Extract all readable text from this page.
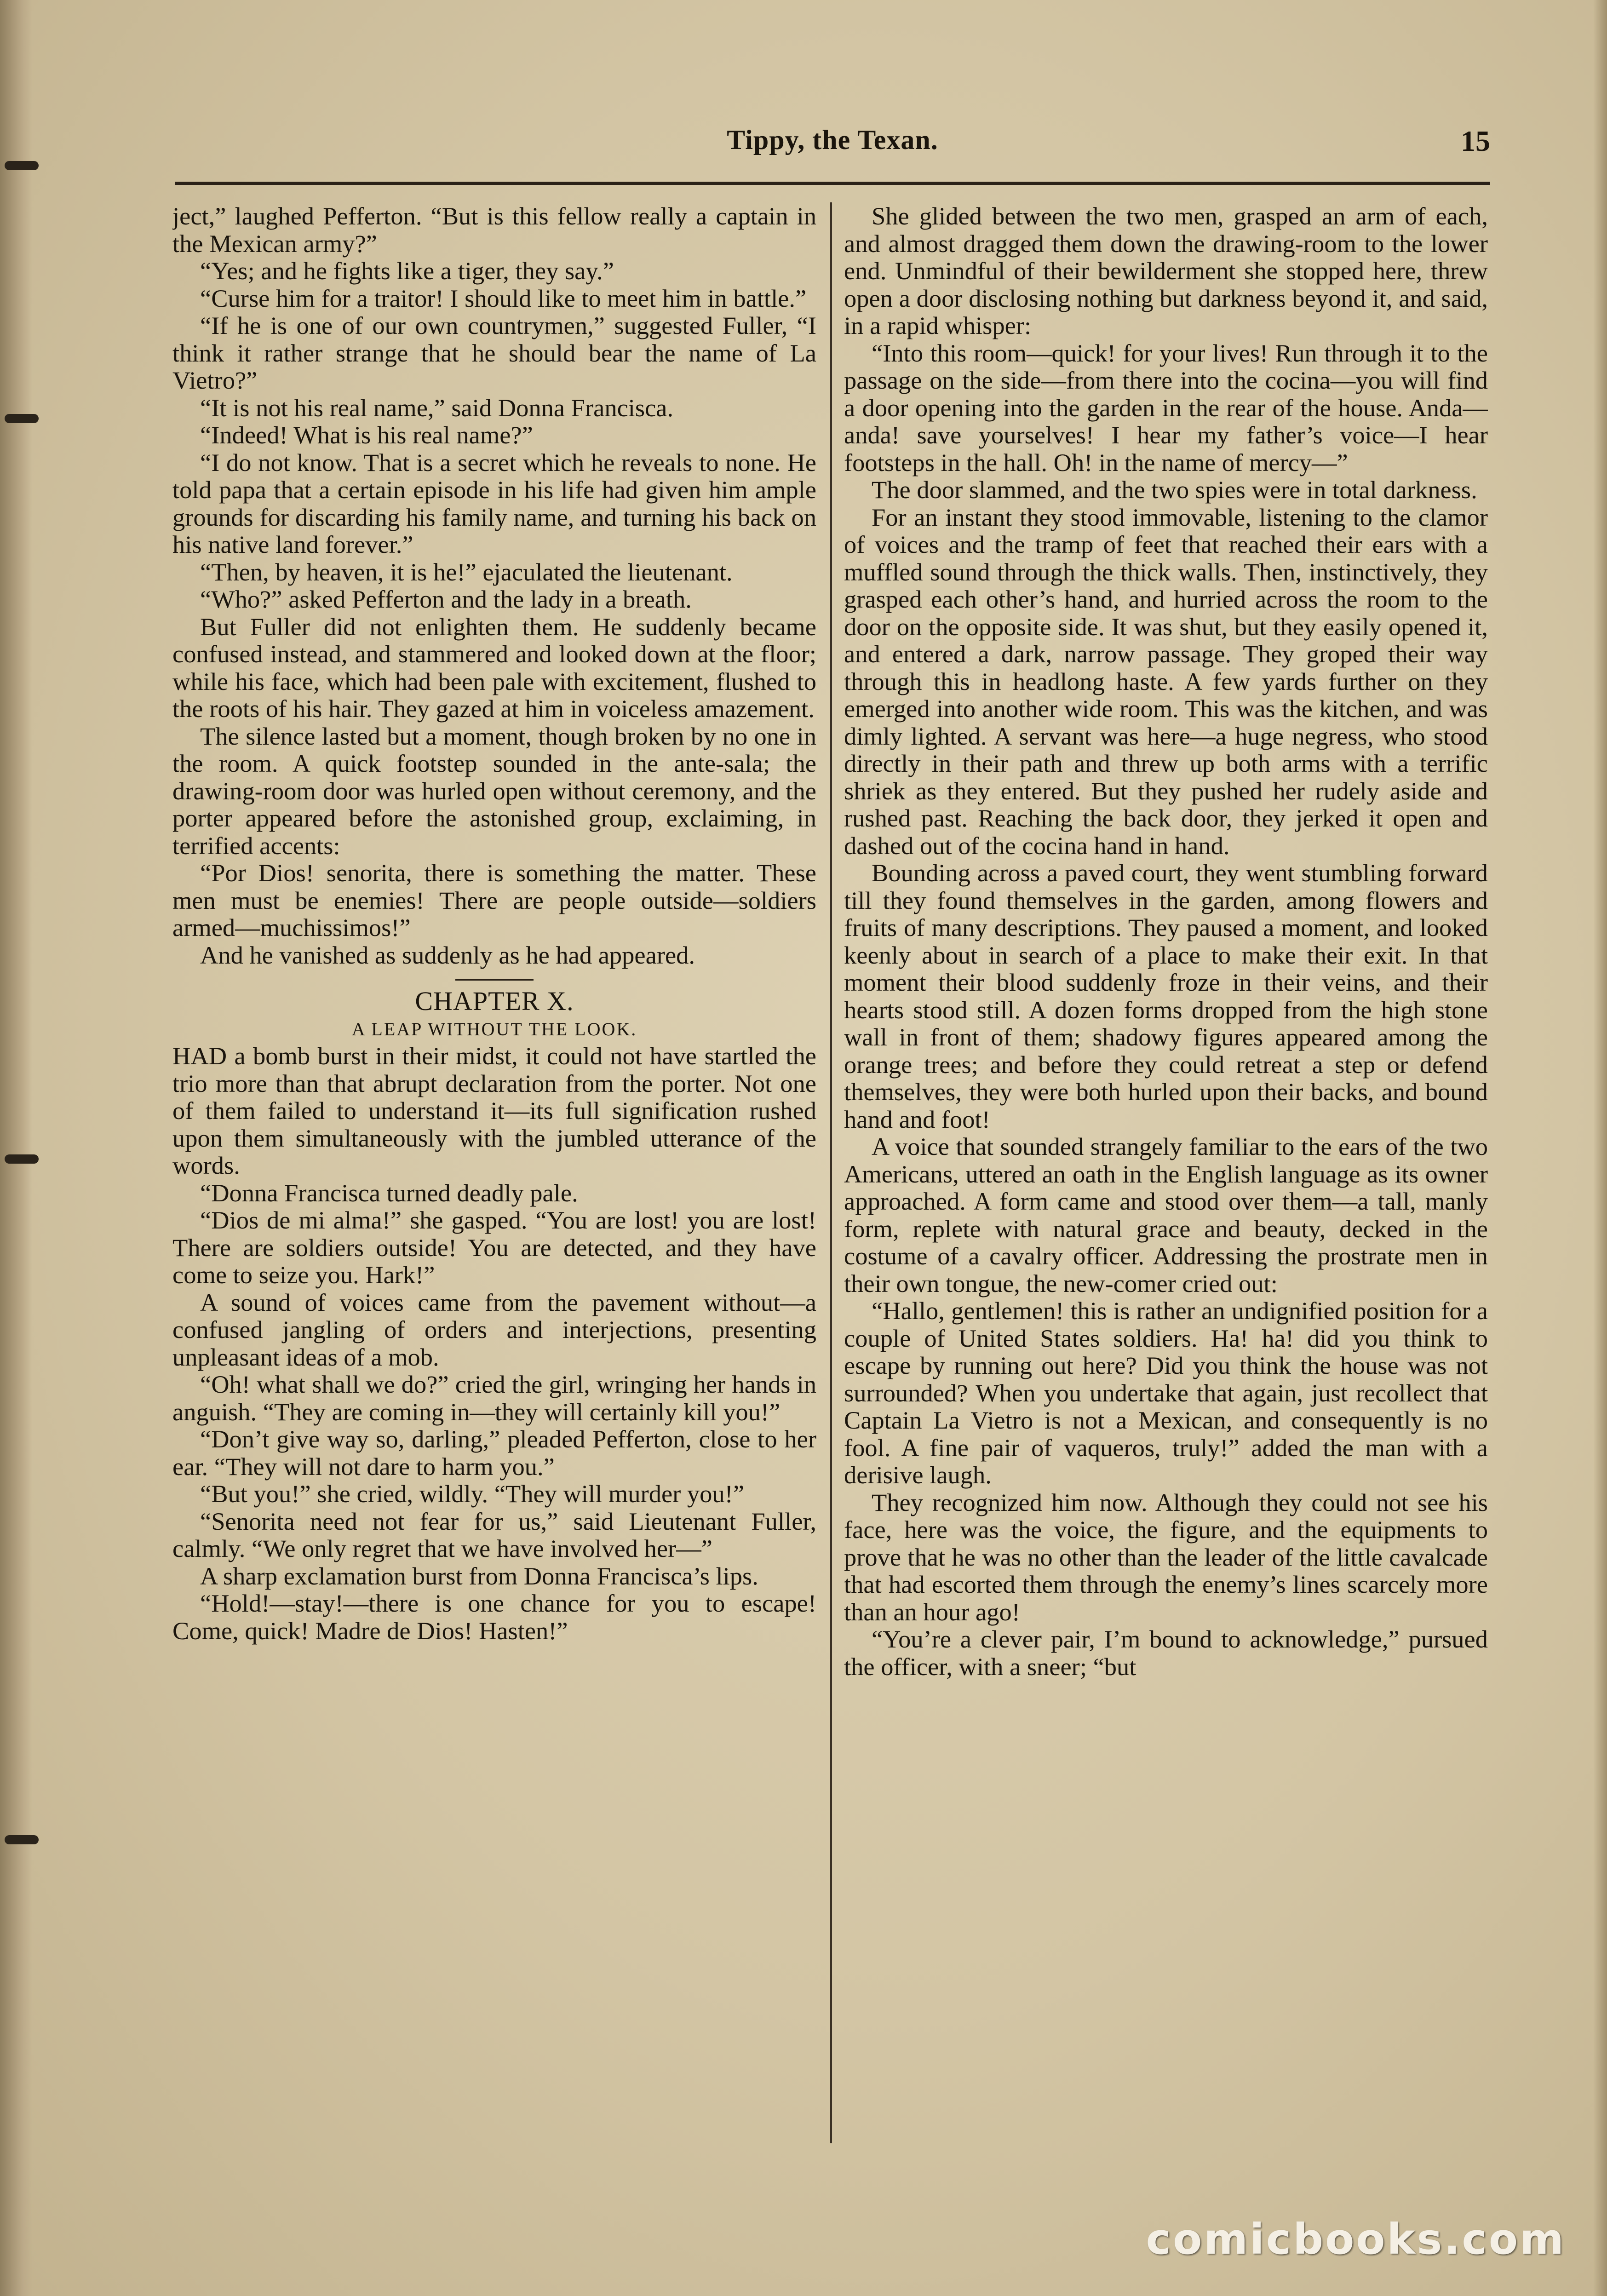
Tippy, the Texan.	15

ject,” laughed Pefferton. “But is this fellow really a captain in the Mexican army?”

“Yes; and he fights like a tiger, they say.”

“Curse him for a traitor! I should like to meet him in battle.”

“If he is one of our own countrymen,” suggested Fuller, “I think it rather strange that he should bear the name of La Vietro?”

“It is not his real name,” said Donna Francisca.

“Indeed! What is his real name?”

“I do not know. That is a secret which he reveals to none. He told papa that a certain episode in his life had given him ample grounds for discarding his family name, and turning his back on his native land forever.”

“Then, by heaven, it is he!” ejaculated the lieutenant.

“Who?” asked Pefferton and the lady in a breath.

But Fuller did not enlighten them. He suddenly became confused instead, and stammered and looked down at the floor; while his face, which had been pale with excitement, flushed to the roots of his hair. They gazed at him in voiceless amazement.

The silence lasted but a moment, though broken by no one in the room. A quick footstep sounded in the ante-sala; the drawing-room door was hurled open without ceremony, and the porter appeared before the astonished group, exclaiming, in terrified accents:

“Por Dios! senorita, there is something the matter. These men must be enemies! There are people outside—soldiers armed—muchissimos!”

And he vanished as suddenly as he had appeared.

CHAPTER X.

A LEAP WITHOUT THE LOOK.

HAD a bomb burst in their midst, it could not have startled the trio more than that abrupt declaration from the porter. Not one of them failed to understand it—its full signification rushed upon them simultaneously with the jumbled utterance of the words.

“Donna Francisca turned deadly pale.

“Dios de mi alma!” she gasped. “You are lost! you are lost! There are soldiers outside! You are detected, and they have come to seize you. Hark!”

A sound of voices came from the pavement without—a confused jangling of orders and interjections, presenting unpleasant ideas of a mob.

“Oh! what shall we do?” cried the girl, wringing her hands in anguish. “They are coming in—they will certainly kill you!”

“Don’t give way so, darling,” pleaded Pefferton, close to her ear. “They will not dare to harm you.”

“But you!” she cried, wildly. “They will murder you!”

“Senorita need not fear for us,” said Lieutenant Fuller, calmly. “We only regret that we have involved her—”

A sharp exclamation burst from Donna Francisca’s lips.

“Hold!—stay!—there is one chance for you to escape! Come, quick! Madre de Dios! Hasten!”

She glided between the two men, grasped an arm of each, and almost dragged them down the drawing-room to the lower end. Unmindful of their bewilderment she stopped here, threw open a door disclosing nothing but darkness beyond it, and said, in a rapid whisper:

“Into this room—quick! for your lives! Run through it to the passage on the side—from there into the cocina—you will find a door opening into the garden in the rear of the house. Anda—anda! save yourselves! I hear my father’s voice—I hear footsteps in the hall. Oh! in the name of mercy—”

The door slammed, and the two spies were in total darkness.

For an instant they stood immovable, listening to the clamor of voices and the tramp of feet that reached their ears with a muffled sound through the thick walls. Then, instinctively, they grasped each other’s hand, and hurried across the room to the door on the opposite side. It was shut, but they easily opened it, and entered a dark, narrow passage. They groped their way through this in headlong haste. A few yards further on they emerged into another wide room. This was the kitchen, and was dimly lighted. A servant was here—a huge negress, who stood directly in their path and threw up both arms with a terrific shriek as they entered. But they pushed her rudely aside and rushed past. Reaching the back door, they jerked it open and dashed out of the cocina hand in hand.

Bounding across a paved court, they went stumbling forward till they found themselves in the garden, among flowers and fruits of many descriptions. They paused a moment, and looked keenly about in search of a place to make their exit. In that moment their blood suddenly froze in their veins, and their hearts stood still. A dozen forms dropped from the high stone wall in front of them; shadowy figures appeared among the orange trees; and before they could retreat a step or defend themselves, they were both hurled upon their backs, and bound hand and foot!

A voice that sounded strangely familiar to the ears of the two Americans, uttered an oath in the English language as its owner approached. A form came and stood over them—a tall, manly form, replete with natural grace and beauty, decked in the costume of a cavalry officer. Addressing the prostrate men in their own tongue, the new-comer cried out:

“Hallo, gentlemen! this is rather an undignified position for a couple of United States soldiers. Ha! ha! did you think to escape by running out here? Did you think the house was not surrounded? When you undertake that again, just recollect that Captain La Vietro is not a Mexican, and consequently is no fool. A fine pair of vaqueros, truly!” added the man with a derisive laugh.

They recognized him now. Although they could not see his face, here was the voice, the figure, and the equipments to prove that he was no other than the leader of the little cavalcade that had escorted them through the enemy’s lines scarcely more than an hour ago!

“You’re a clever pair, I’m bound to acknowledge,” pursued the officer, with a sneer; “but

comicbooks.com
